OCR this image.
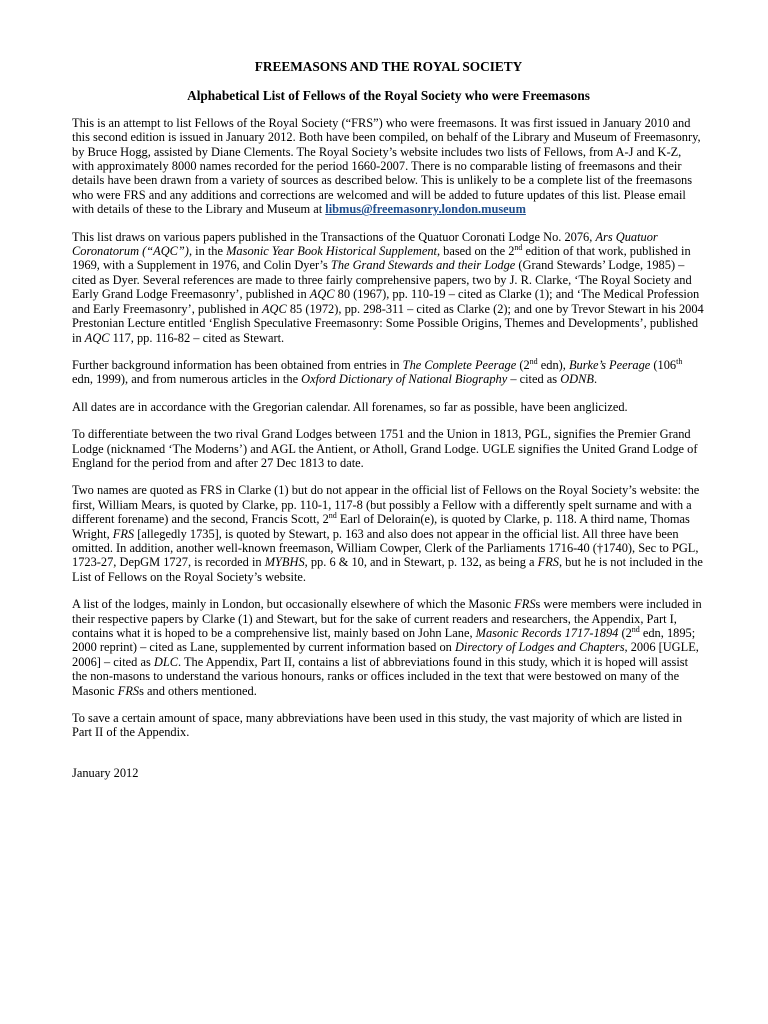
FREEMASONS AND THE ROYAL SOCIETY
Alphabetical List of Fellows of the Royal Society who were Freemasons

This is an attempt to list Fellows of the Royal Society (“FRS”) who were freemasons. It was first issued in January 2010 and this second edition is issued in January 2012. Both have been compiled, on behalf of the Library and Museum of Freemasonry, by Bruce Hogg, assisted by Diane Clements. The Royal Society’s website includes two lists of Fellows, from A-J and K-Z, with approximately 8000 names recorded for the period 1660-2007. There is no comparable listing of freemasons and their details have been drawn from a variety of sources as described below. This is unlikely to be a complete list of the freemasons who were FRS and any additions and corrections are welcomed and will be added to future updates of this list. Please email with details of these to the Library and Museum at libmus@freemasonry.london.museum

This list draws on various papers published in the Transactions of the Quatuor Coronati Lodge No. 2076, Ars Quatuor Coronatorum (“AQC”), in the Masonic Year Book Historical Supplement, based on the 2nd edition of that work, published in 1969, with a Supplement in 1976, and Colin Dyer’s The Grand Stewards and their Lodge (Grand Stewards’ Lodge, 1985) – cited as Dyer. Several references are made to three fairly comprehensive papers, two by J. R. Clarke, ‘The Royal Society and Early Grand Lodge Freemasonry’, published in AQC 80 (1967), pp. 110-19 – cited as Clarke (1); and ‘The Medical Profession and Early Freemasonry’, published in AQC 85 (1972), pp. 298-311 – cited as Clarke (2); and one by Trevor Stewart in his 2004 Prestonian Lecture entitled ‘English Speculative Freemasonry: Some Possible Origins, Themes and Developments’, published in AQC 117, pp. 116-82 – cited as Stewart.

Further background information has been obtained from entries in The Complete Peerage (2nd edn), Burke’s Peerage (106th edn, 1999), and from numerous articles in the Oxford Dictionary of National Biography – cited as ODNB.

All dates are in accordance with the Gregorian calendar. All forenames, so far as possible, have been anglicized.

To differentiate between the two rival Grand Lodges between 1751 and the Union in 1813, PGL, signifies the Premier Grand Lodge (nicknamed ‘The Moderns’) and AGL the Antient, or Atholl, Grand Lodge. UGLE signifies the United Grand Lodge of England for the period from and after 27 Dec 1813 to date.

Two names are quoted as FRS in Clarke (1) but do not appear in the official list of Fellows on the Royal Society’s website: the first, William Mears, is quoted by Clarke, pp. 110-1, 117-8 (but possibly a Fellow with a differently spelt surname and with a different forename) and the second, Francis Scott, 2nd Earl of Delorain(e), is quoted by Clarke, p. 118. A third name, Thomas Wright, FRS [allegedly 1735], is quoted by Stewart, p. 163 and also does not appear in the official list. All three have been omitted. In addition, another well-known freemason, William Cowper, Clerk of the Parliaments 1716-40 (†1740), Sec to PGL, 1723-27, DepGM 1727, is recorded in MYBHS, pp. 6 & 10, and in Stewart, p. 132, as being a FRS, but he is not included in the List of Fellows on the Royal Society’s website.

A list of the lodges, mainly in London, but occasionally elsewhere of which the Masonic FRSs were members were included in their respective papers by Clarke (1) and Stewart, but for the sake of current readers and researchers, the Appendix, Part I, contains what it is hoped to be a comprehensive list, mainly based on John Lane, Masonic Records 1717-1894 (2nd edn, 1895; 2000 reprint) – cited as Lane, supplemented by current information based on Directory of Lodges and Chapters, 2006 [UGLE, 2006] – cited as DLC. The Appendix, Part II, contains a list of abbreviations found in this study, which it is hoped will assist the non-masons to understand the various honours, ranks or offices included in the text that were bestowed on many of the Masonic FRSs and others mentioned.

To save a certain amount of space, many abbreviations have been used in this study, the vast majority of which are listed in Part II of the Appendix.

January 2012
